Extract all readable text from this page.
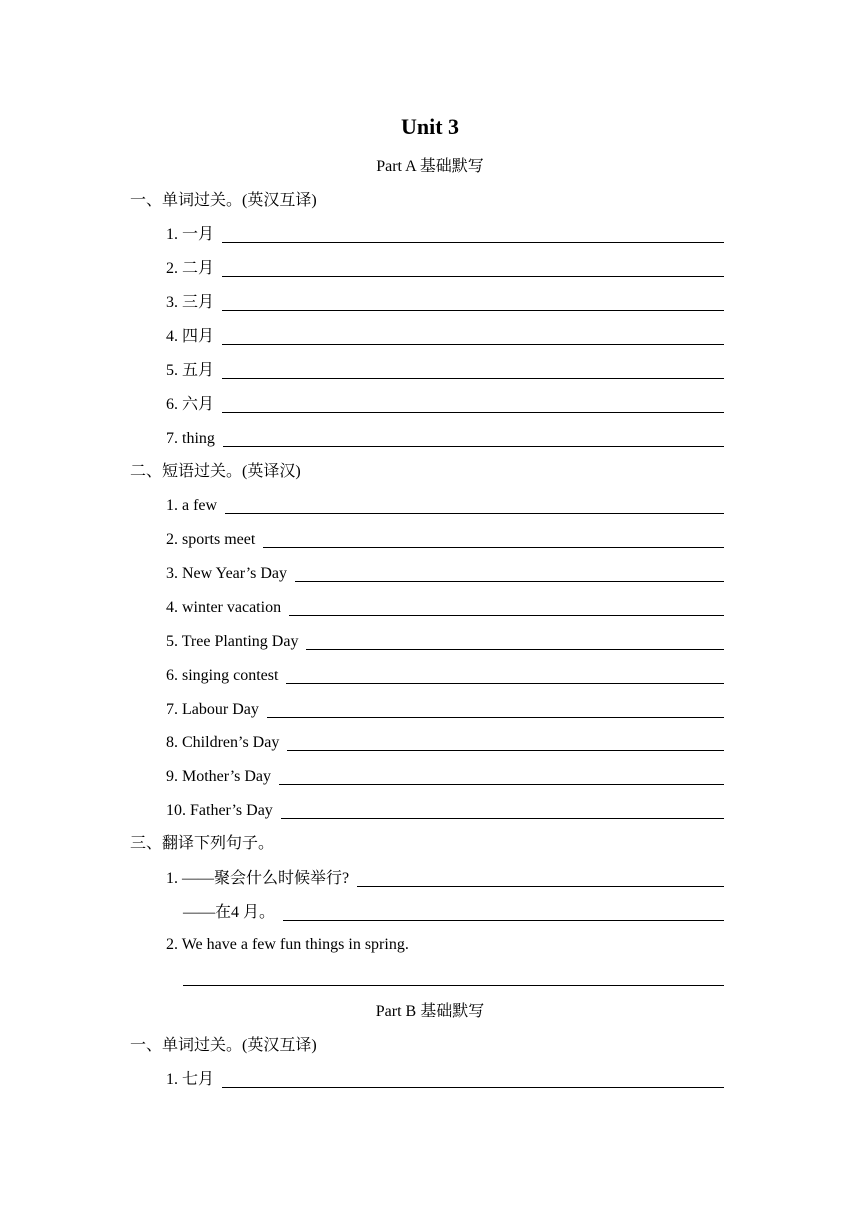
Unit 3
Part A 基础默写
一、单词过关。(英汉互译)
1. 一月
2. 二月
3. 三月
4. 四月
5. 五月
6. 六月
7. thing
二、短语过关。(英译汉)
1. a few
2. sports meet
3. New Year’s Day
4. winter vacation
5. Tree Planting Day
6. singing contest
7. Labour Day
8. Children’s Day
9. Mother’s Day
10. Father’s Day
三、翻译下列句子。
1. ——聚会什么时候举行?
——在4 月。
2. We have a few fun things in spring.
Part B 基础默写
一、单词过关。(英汉互译)
1. 七月
